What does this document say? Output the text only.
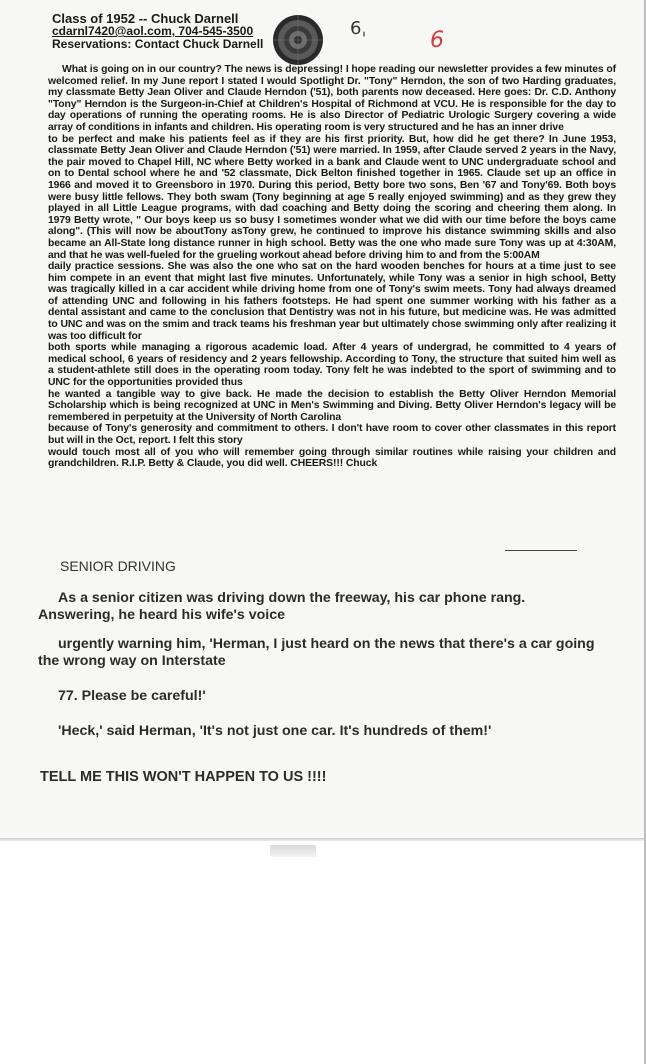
Class of 1952 -- Chuck Darnell
cdarnl7420@aol.com, 704-545-3500
Reservations: Contact Chuck Darnell
6ˌ	6

What is going on in our country? The news is depressing! I hope reading our newsletter provides a few minutes of welcomed relief. In my June report I stated I would Spotlight Dr. "Tony" Herndon, the son of two Harding graduates, my classmate Betty Jean Oliver and Claude Herndon ('51), both parents now deceased. Here goes: Dr. C.D. Anthony "Tony" Herndon is the Surgeon-in-Chief at Children's Hospital of Richmond at VCU. He is responsible for the day to day operations of running the operating rooms. He is also Director of Pediatric Urologic Surgery covering a wide array of conditions in infants and children. His operating room is very structured and he has an inner drive

to be perfect and make his patients feel as if they are his first priority. But, how did he get there? In June 1953, classmate Betty Jean Oliver and Claude Herndon ('51) were married. In 1959, after Claude served 2 years in the Navy, the pair moved to Chapel Hill, NC where Betty worked in a bank and Claude went to UNC undergraduate school and on to Dental school where he and '52 classmate, Dick Belton finished together in 1965. Claude set up an office in 1966 and moved it to Greensboro in 1970. During this period, Betty bore two sons, Ben '67 and Tony'69. Both boys were busy little fellows. They both swam (Tony beginning at age 5 really enjoyed swimming) and as they grew they played in all Little League programs, with dad coaching and Betty doing the scoring and cheering them along. In 1979 Betty wrote, " Our boys keep us so busy I sometimes wonder what we did with our time before the boys came along". (This will now be aboutTony asTony grew, he continued to improve his distance swimming skills and also became an All-State long distance runner in high school. Betty was the one who made sure Tony was up at 4:30AM, and that he was well-fueled for the grueling workout ahead before driving him to and from the 5:00AM

daily practice sessions. She was also the one who sat on the hard wooden benches for hours at a time just to see him compete in an event that might last five minutes. Unfortunately, while Tony was a senior in high school, Betty was tragically killed in a car accident while driving home from one of Tony's swim meets. Tony had always dreamed of attending UNC and following in his fathers footsteps. He had spent one summer working with his father as a dental assistant and came to the conclusion that Dentistry was not in his future, but medicine was. He was admitted to UNC and was on the smim and track teams his freshman year but ultimately chose swimming only after realizing it was too difficult for

both sports while managing a rigorous academic load. After 4 years of undergrad, he committed to 4 years of medical school, 6 years of residency and 2 years fellowship. According to Tony, the structure that suited him well as a student-athlete still does in the operating room today. Tony felt he was indebted to the sport of swimming and to UNC for the opportunities provided thus

he wanted a tangible way to give back. He made the decision to establish the Betty Oliver Herndon Memorial Scholarship which is being recognized at UNC in Men's Swimming and Diving. Betty Oliver Herndon's legacy will be remembered in perpetuity at the University of North Carolina

because of Tony's generosity and commitment to others. I don't have room to cover other classmates in this report but will in the Oct, report. I felt this story

would touch most all of you who will remember going through similar routines while raising your children and grandchildren. R.I.P. Betty & Claude, you did well. CHEERS!!! Chuck

SENIOR DRIVING
As a senior citizen was driving down the freeway, his car phone rang. Answering, he heard his wife's voice
urgently warning him, 'Herman, I just heard on the news that there's a car going the wrong way on Interstate
77. Please be careful!'
'Heck,' said Herman, 'It's not just one car. It's hundreds of them!'
TELL ME THIS WON'T HAPPEN TO US !!!!
